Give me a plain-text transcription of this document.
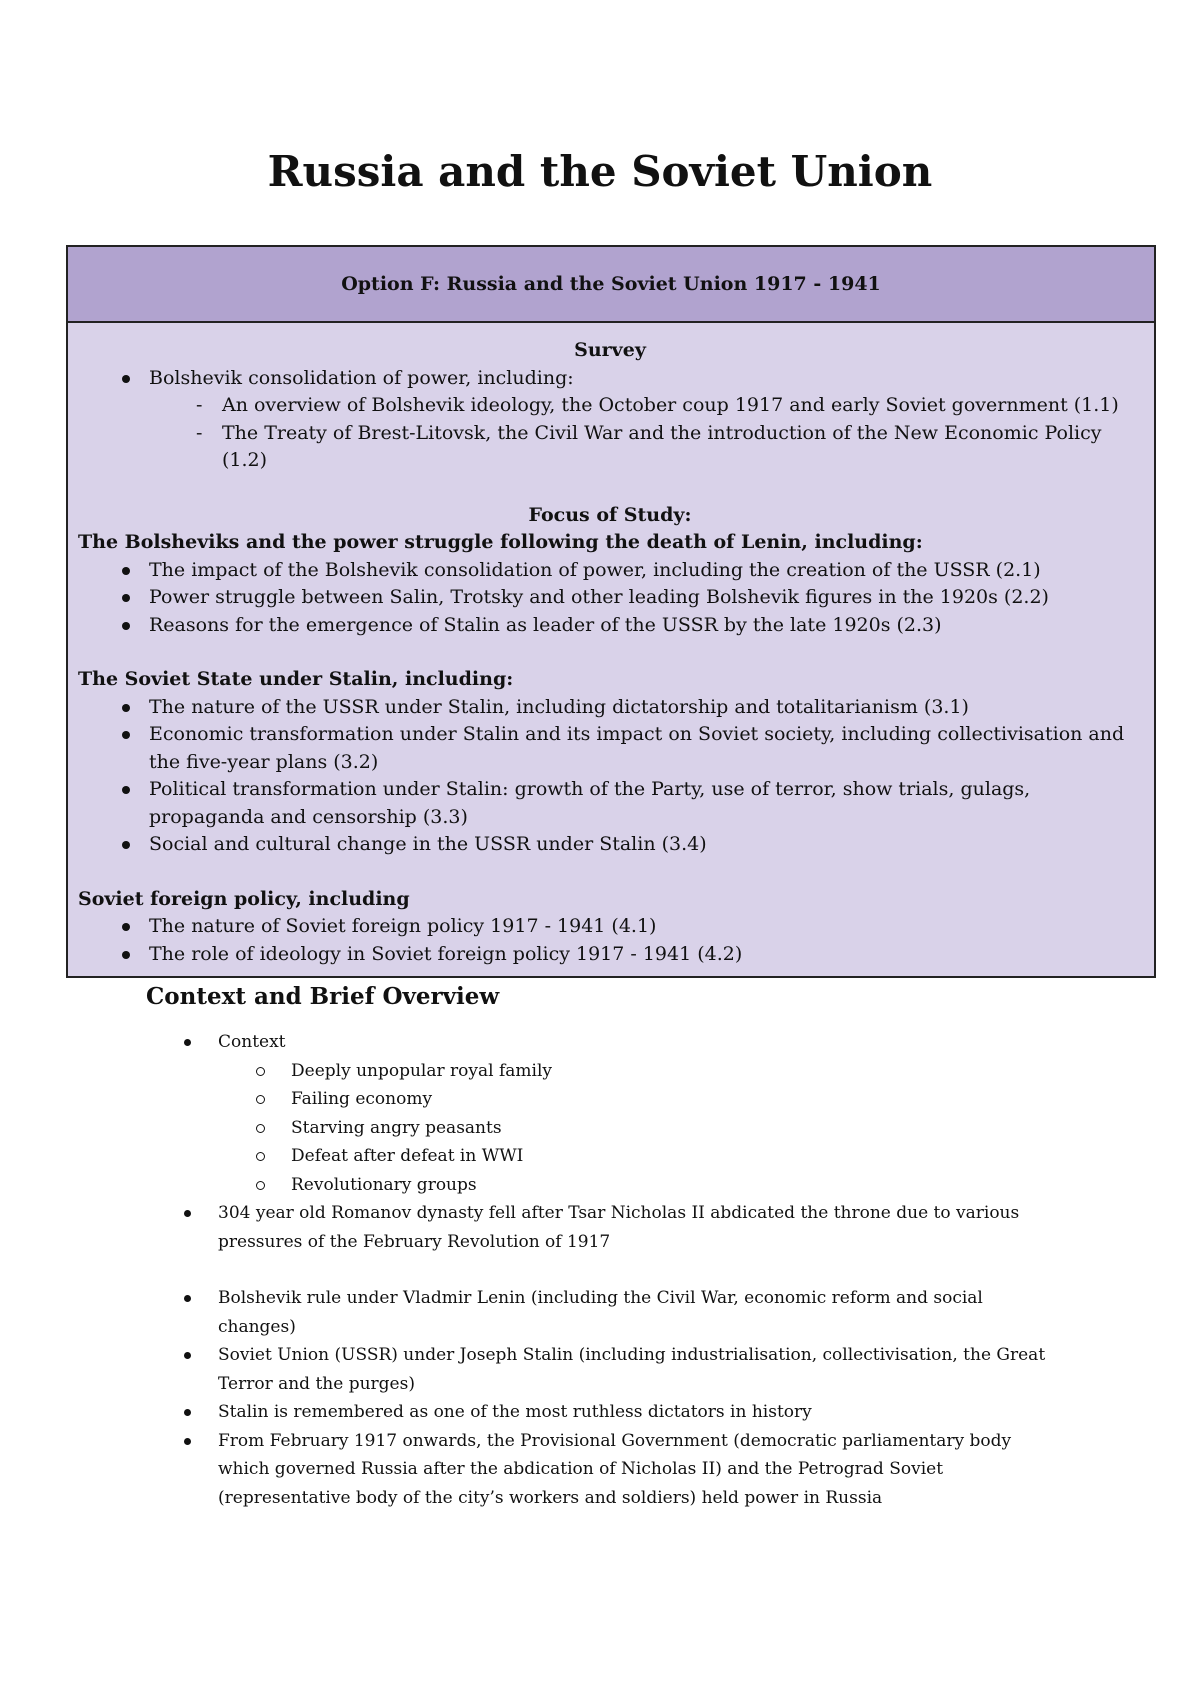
Russia and the Soviet Union
Option F: Russia and the Soviet Union 1917 - 1941
Survey
Bolshevik consolidation of power, including:
- An overview of Bolshevik ideology, the October coup 1917 and early Soviet government (1.1)
- The Treaty of Brest-Litovsk, the Civil War and the introduction of the New Economic Policy (1.2)
Focus of Study:
The Bolsheviks and the power struggle following the death of Lenin, including:
The impact of the Bolshevik consolidation of power, including the creation of the USSR (2.1)
Power struggle between Salin, Trotsky and other leading Bolshevik figures in the 1920s (2.2)
Reasons for the emergence of Stalin as leader of the USSR by the late 1920s (2.3)
The Soviet State under Stalin, including:
The nature of the USSR under Stalin, including dictatorship and totalitarianism (3.1)
Economic transformation under Stalin and its impact on Soviet society, including collectivisation and the five-year plans (3.2)
Political transformation under Stalin: growth of the Party, use of terror, show trials, gulags, propaganda and censorship (3.3)
Social and cultural change in the USSR under Stalin (3.4)
Soviet foreign policy, including
The nature of Soviet foreign policy 1917 - 1941 (4.1)
The role of ideology in Soviet foreign policy 1917 - 1941 (4.2)
Context and Brief Overview
Context
Deeply unpopular royal family
Failing economy
Starving angry peasants
Defeat after defeat in WWI
Revolutionary groups
304 year old Romanov dynasty fell after Tsar Nicholas II abdicated the throne due to various pressures of the February Revolution of 1917
Bolshevik rule under Vladmir Lenin (including the Civil War, economic reform and social changes)
Soviet Union (USSR) under Joseph Stalin (including industrialisation, collectivisation, the Great Terror and the purges)
Stalin is remembered as one of the most ruthless dictators in history
From February 1917 onwards, the Provisional Government (democratic parliamentary body which governed Russia after the abdication of Nicholas II) and the Petrograd Soviet (representative body of the city’s workers and soldiers) held power in Russia
